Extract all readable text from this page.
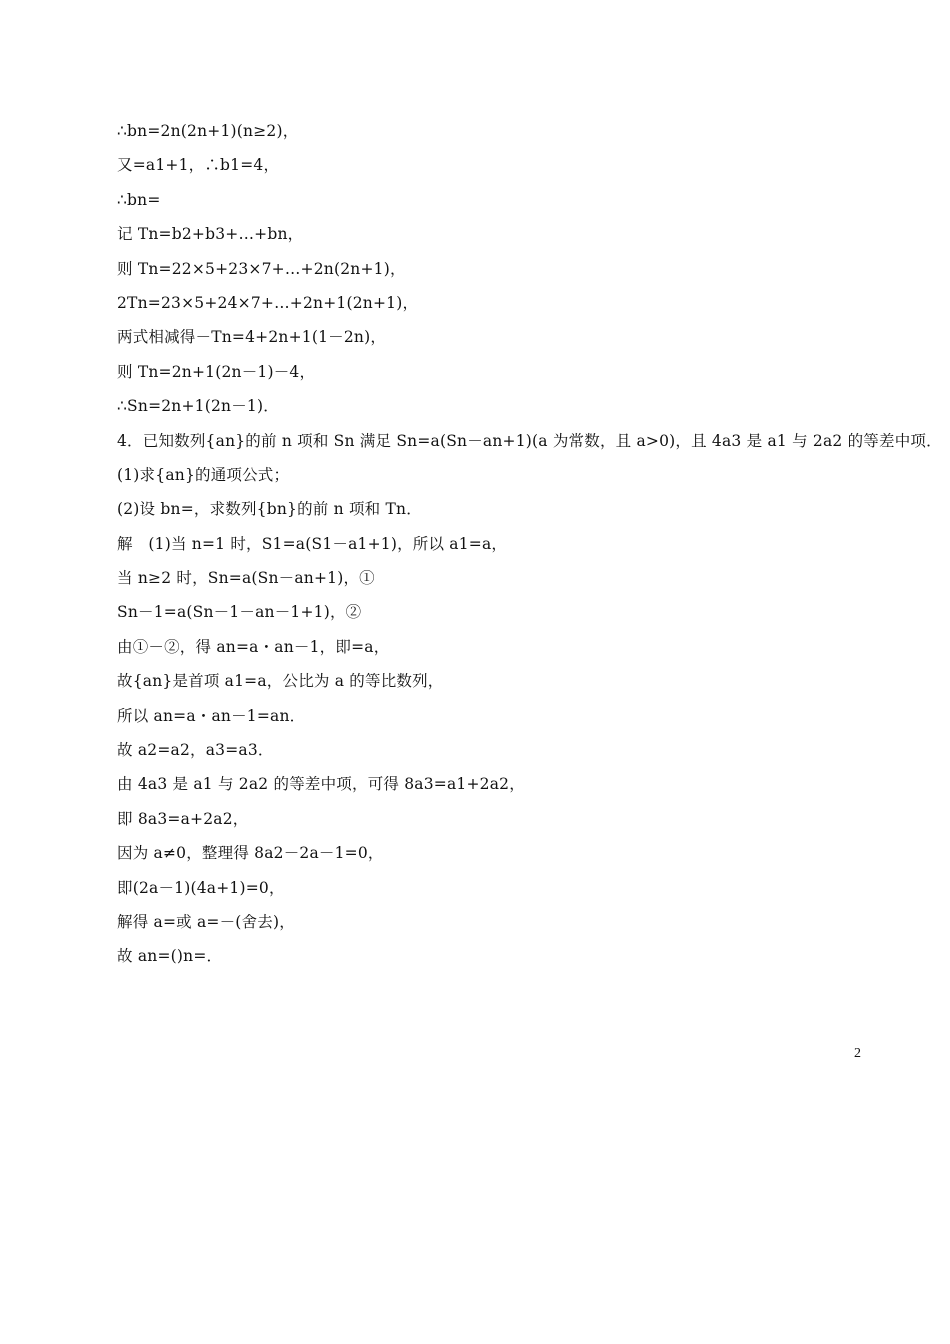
∴bn=2n(2n+1)(n≥2)，
又=a1+1，∴b1=4，
∴bn=
记 Tn=b2+b3+…+bn，
则 Tn=22×5+23×7+…+2n(2n+1)，
2Tn=23×5+24×7+…+2n+1(2n+1)，
两式相减得－Tn=4+2n+1(1－2n)，
则 Tn=2n+1(2n－1)－4，
∴Sn=2n+1(2n－1)．
4．已知数列{an}的前 n 项和 Sn 满足 Sn=a(Sn－an+1)(a 为常数，且 a>0)，且 4a3 是 a1 与 2a2 的等差中项．
(1)求{an}的通项公式；
(2)设 bn=，求数列{bn}的前 n 项和 Tn．
解　(1)当 n=1 时，S1=a(S1－a1+1)，所以 a1=a，
当 n≥2 时，Sn=a(Sn－an+1)，①
Sn－1=a(Sn－1－an－1+1)，②
由①－②，得 an=a・an－1，即=a，
故{an}是首项 a1=a，公比为 a 的等比数列，
所以 an=a・an－1=an．
故 a2=a2，a3=a3．
由 4a3 是 a1 与 2a2 的等差中项，可得 8a3=a1+2a2，
即 8a3=a+2a2，
因为 a≠0，整理得 8a2－2a－1=0，
即(2a－1)(4a+1)=0，
解得 a=或 a=－(舍去)，
故 an=()n=．
2
